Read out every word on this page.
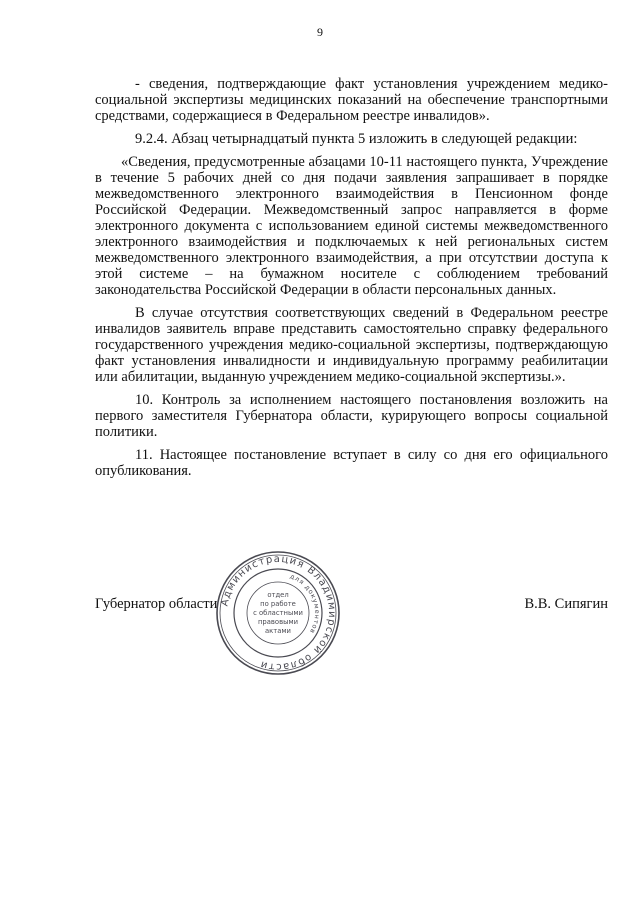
9

- сведения, подтверждающие факт установления учреждением медико-социальной экспертизы медицинских показаний на обеспечение транспортными средствами, содержащиеся в Федеральном реестре инвалидов».

9.2.4. Абзац четырнадцатый пункта 5 изложить в следующей редакции:

«Сведения, предусмотренные абзацами 10-11 настоящего пункта, Учреждение в течение 5 рабочих дней со дня подачи заявления запрашивает в порядке межведомственного электронного взаимодействия в Пенсионном фонде Российской Федерации. Межведомственный запрос направляется в форме электронного документа с использованием единой системы межведомственного электронного взаимодействия и подключаемых к ней региональных систем межведомственного электронного взаимодействия, а при отсутствии доступа к этой системе – на бумажном носителе с соблюдением требований законодательства Российской Федерации в области персональных данных.

В случае отсутствия соответствующих сведений в Федеральном реестре инвалидов заявитель вправе представить самостоятельно справку федерального государственного учреждения медико-социальной экспертизы, подтверждающую факт установления инвалидности и индивидуальную программу реабилитации или абилитации, выданную учреждением медико-социальной экспертизы.».

10. Контроль за исполнением настоящего постановления возложить на первого заместителя Губернатора области, курирующего вопросы социальной политики.

11. Настоящее постановление вступает в силу со дня его официального опубликования.

Губернатор области	В.В. Сипягин
Администрация Владимирской области
для документов
отдел
по работе
с областными
правовыми
актами
